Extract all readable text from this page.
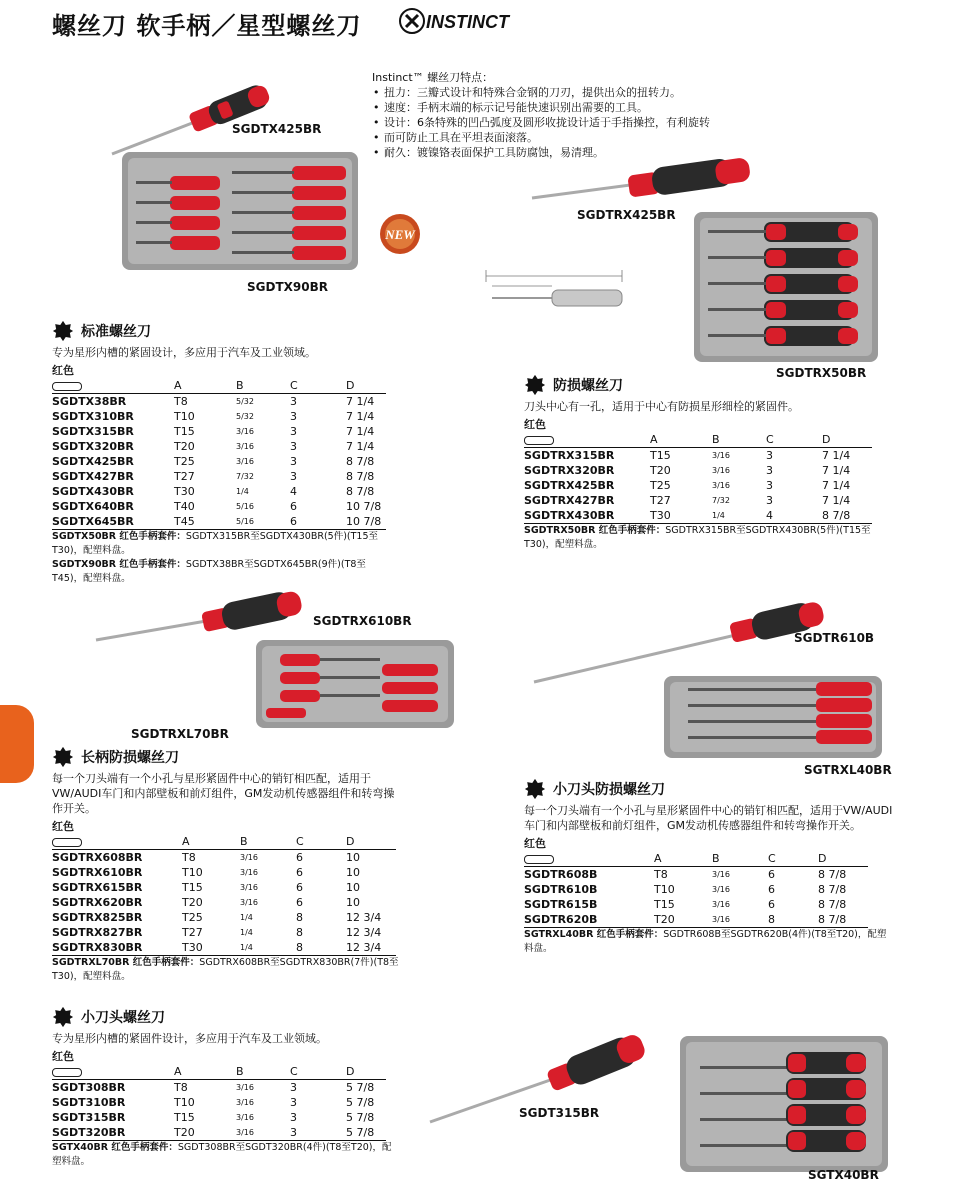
螺丝刀 软手柄／星型螺丝刀	INSTINCT
Instinct™ 螺丝刀特点：
• 扭力：三瓣式设计和特殊合金钢的刀刃，提供出众的扭转力。
• 速度：手柄末端的标示记号能快速识别出需要的工具。
• 设计：6条特殊的凹凸弧度及圆形收拢设计适于手指操控，有利旋转
• 而可防止工具在平坦表面滚落。
• 耐久：镀镍铬表面保护工具防腐蚀，易清理。
SGDTX425BR
NEW
SGDTX90BR
SGDTRX425BR
SGDTRX50BR
SGDTRX610BR
SGDTRXL70BR
SGDTR610B
SGTRXL40BR
SGDT315BR
SGTX40BR
标准螺丝刀
专为星形内槽的紧固设计，多应用于汽车及工业领域。
红色				
	A	B	C	D
SGDTX38BR	T8	5/32	3	7 1/4
SGDTX310BR	T10	5/32	3	7 1/4
SGDTX315BR	T15	3/16	3	7 1/4
SGDTX320BR	T20	3/16	3	7 1/4
SGDTX425BR	T25	3/16	3	8 7/8
SGDTX427BR	T27	7/32	3	8 7/8
SGDTX430BR	T30	1/4	4	8 7/8
SGDTX640BR	T40	5/16	6	10 7/8
SGDTX645BR	T45	5/16	6	10 7/8
SGDTX50BR 红色手柄套件：SGDTX315BR至SGDTX430BR(5件)(T15至T30)，配塑料盘。
SGDTX90BR 红色手柄套件：SGDTX38BR至SGDTX645BR(9件)(T8至T45)，配塑料盘。
防损螺丝刀
刀头中心有一孔，适用于中心有防损星形细栓的紧固件。
红色				
	A	B	C	D
SGDTRX315BR	T15	3/16	3	7 1/4
SGDTRX320BR	T20	3/16	3	7 1/4
SGDTRX425BR	T25	3/16	3	7 1/4
SGDTRX427BR	T27	7/32	3	7 1/4
SGDTRX430BR	T30	1/4	4	8 7/8
SGDTRX50BR 红色手柄套件：SGDTRX315BR至SGDTRX430BR(5件)(T15至T30)，配塑料盘。
长柄防损螺丝刀
每一个刀头端有一个小孔与星形紧固件中心的销钉相匹配，适用于VW/AUDI车门和内部壁板和前灯组件，GM发动机传感器组件和转弯操作开关。
红色				
	A	B	C	D
SGDTRX608BR	T8	3/16	6	10
SGDTRX610BR	T10	3/16	6	10
SGDTRX615BR	T15	3/16	6	10
SGDTRX620BR	T20	3/16	6	10
SGDTRX825BR	T25	1/4	8	12 3/4
SGDTRX827BR	T27	1/4	8	12 3/4
SGDTRX830BR	T30	1/4	8	12 3/4
SGDTRXL70BR 红色手柄套件：SGDTRX608BR至SGDTRX830BR(7件)(T8至T30)，配塑料盘。
小刀头防损螺丝刀
每一个刀头端有一个小孔与星形紧固件中心的销钉相匹配，适用于VW/AUDI车门和内部壁板和前灯组件，GM发动机传感器组件和转弯操作开关。
红色				
	A	B	C	D
SGDTR608B	T8	3/16	6	8 7/8
SGDTR610B	T10	3/16	6	8 7/8
SGDTR615B	T15	3/16	6	8 7/8
SGDTR620B	T20	3/16	8	8 7/8
SGTRXL40BR 红色手柄套件：SGDTR608B至SGDTR620B(4件)(T8至T20)，配塑料盘。
小刀头螺丝刀
专为星形内槽的紧固件设计，多应用于汽车及工业领域。
红色				
	A	B	C	D
SGDT308BR	T8	3/16	3	5 7/8
SGDT310BR	T10	3/16	3	5 7/8
SGDT315BR	T15	3/16	3	5 7/8
SGDT320BR	T20	3/16	3	5 7/8
SGTX40BR 红色手柄套件：SGDT308BR至SGDT320BR(4件)(T8至T20)，配塑料盘。
